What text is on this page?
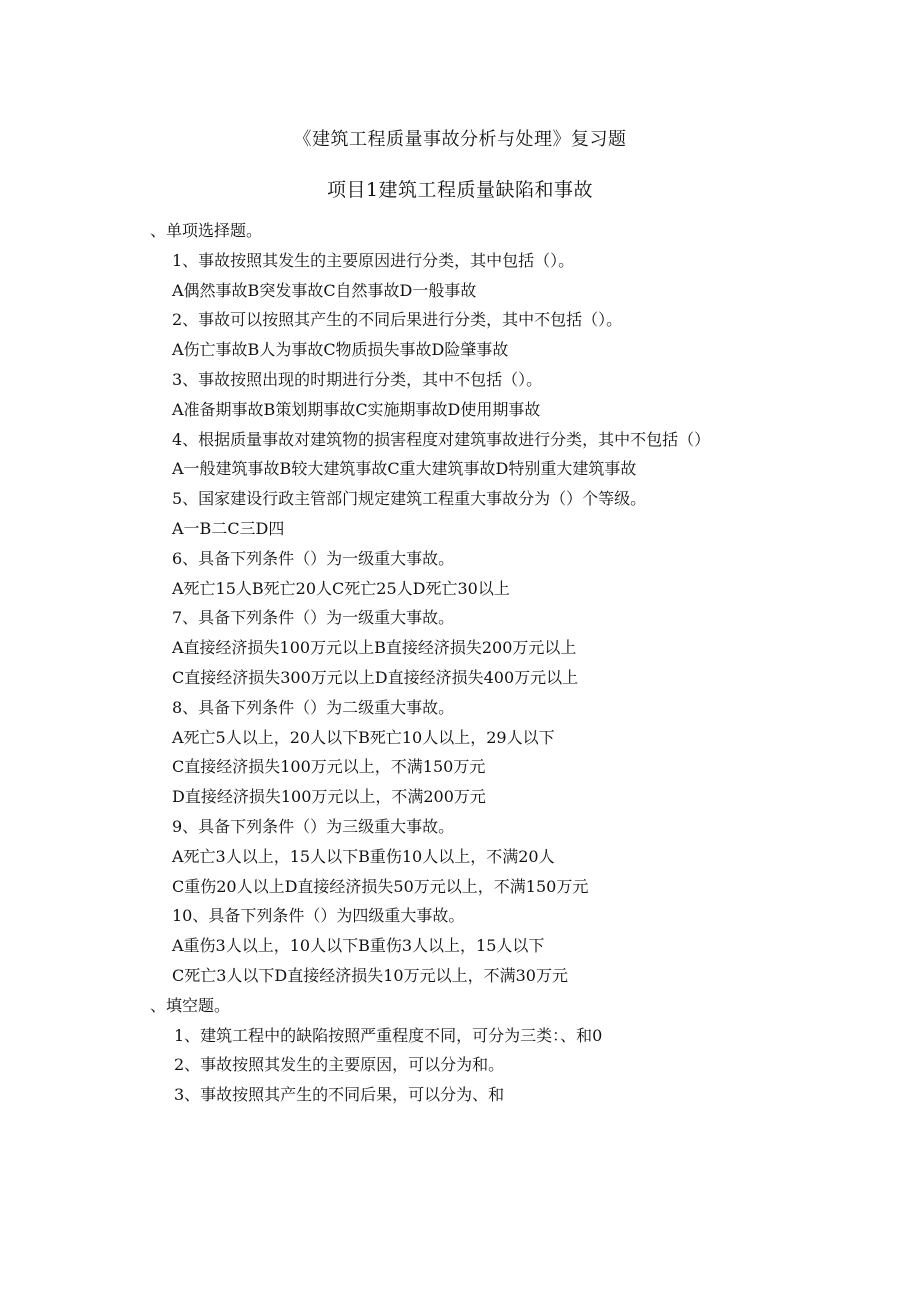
《建筑工程质量事故分析与处理》复习题
项目1建筑工程质量缺陷和事故
、单项选择题。
1、事故按照其发生的主要原因进行分类，其中包括（）。
A偶然事故B突发事故C自然事故D一般事故
2、事故可以按照其产生的不同后果进行分类，其中不包括（）。
A伤亡事故B人为事故C物质损失事故D险肇事故
3、事故按照出现的时期进行分类，其中不包括（）。
A准备期事故B策划期事故C实施期事故D使用期事故
4、根据质量事故对建筑物的损害程度对建筑事故进行分类，其中不包括（）
A一般建筑事故B较大建筑事故C重大建筑事故D特别重大建筑事故
5、国家建设行政主管部门规定建筑工程重大事故分为（）个等级。
A一B二C三D四
6、具备下列条件（）为一级重大事故。
A死亡15人B死亡20人C死亡25人D死亡30以上
7、具备下列条件（）为一级重大事故。
A直接经济损失100万元以上B直接经济损失200万元以上
C直接经济损失300万元以上D直接经济损失400万元以上
8、具备下列条件（）为二级重大事故。
A死亡5人以上，20人以下B死亡10人以上，29人以下
C直接经济损失100万元以上，不满150万元
D直接经济损失100万元以上，不满200万元
9、具备下列条件（）为三级重大事故。
A死亡3人以上，15人以下B重伤10人以上，不满20人
C重伤20人以上D直接经济损失50万元以上，不满150万元
10、具备下列条件（）为四级重大事故。
A重伤3人以上，10人以下B重伤3人以上，15人以下
C死亡3人以下D直接经济损失10万元以上，不满30万元
、填空题。
1、建筑工程中的缺陷按照严重程度不同，可分为三类：、和0
2、事故按照其发生的主要原因，可以分为和。
3、事故按照其产生的不同后果，可以分为、和
